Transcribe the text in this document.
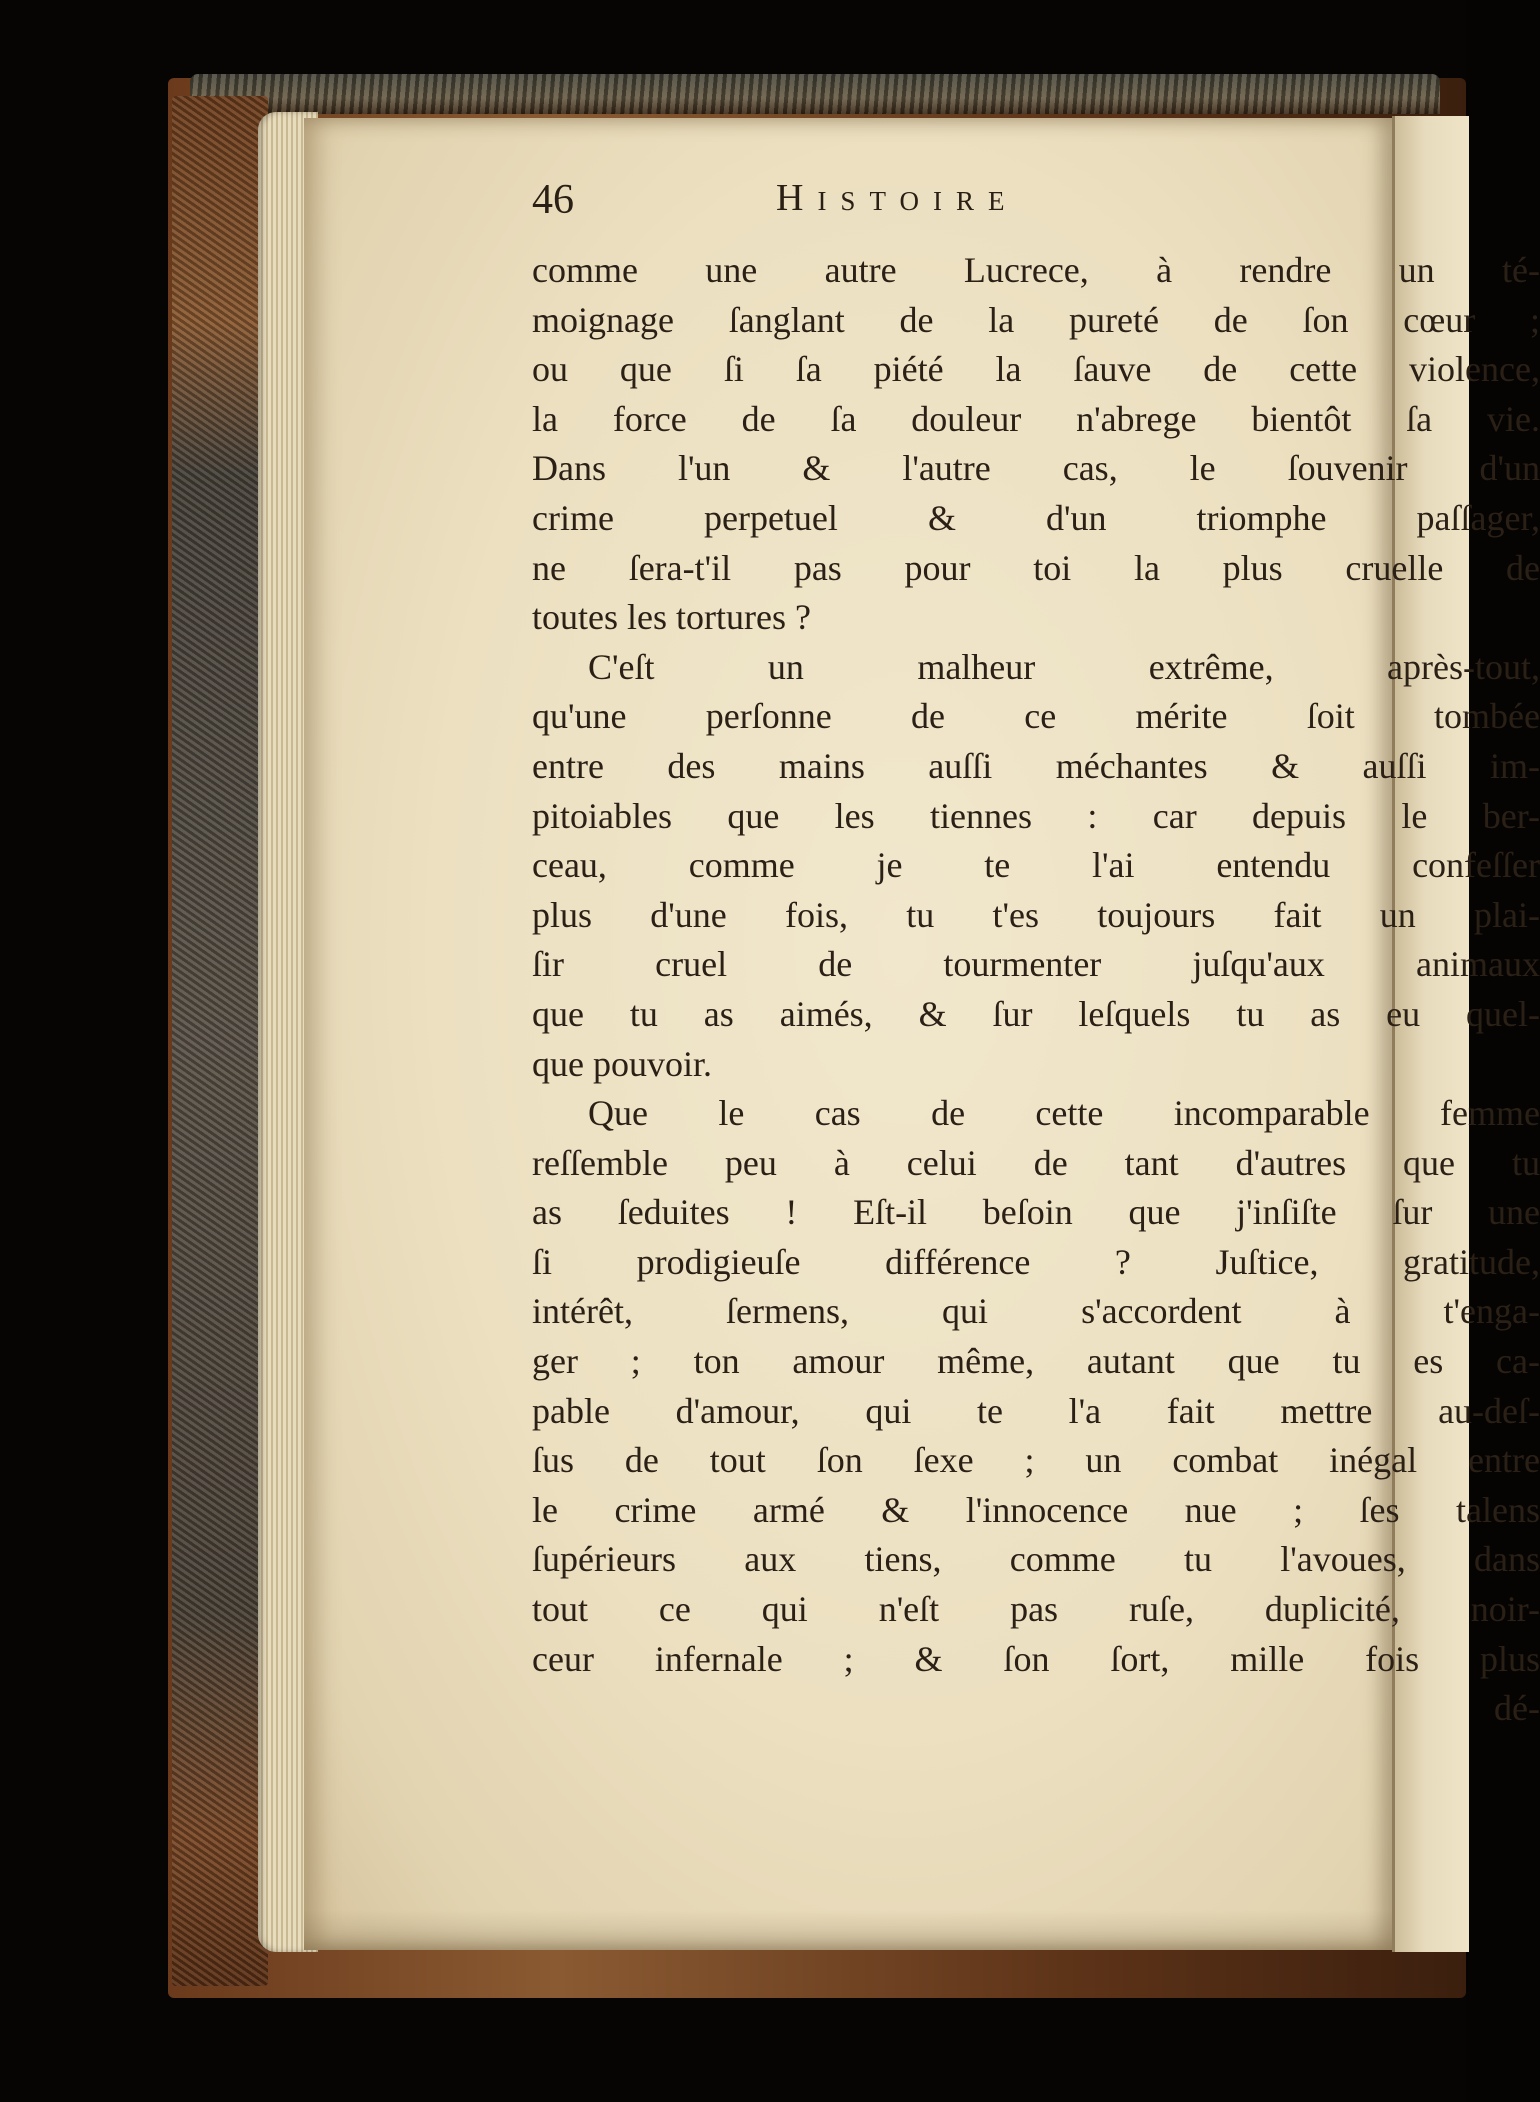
46	Histoire
comme une autre Lucrece, à rendre un té-
moignage ſanglant de la pureté de ſon cœur ;
ou que ſi ſa piété la ſauve de cette violence,
la force de ſa douleur n'abrege bientôt ſa vie.
Dans l'un & l'autre cas, le ſouvenir d'un
crime perpetuel & d'un triomphe paſſager,
ne ſera-t'il pas pour toi la plus cruelle de
toutes les tortures ?
C'eſt un malheur extrême, après-tout,
qu'une perſonne de ce mérite ſoit tombée
entre des mains auſſi méchantes & auſſi im-
pitoiables que les tiennes : car depuis le ber-
ceau, comme je te l'ai entendu confeſſer
plus d'une fois, tu t'es toujours fait un plai-
ſir cruel de tourmenter juſqu'aux animaux
que tu as aimés, & ſur leſquels tu as eu quel-
que pouvoir.
Que le cas de cette incomparable femme
reſſemble peu à celui de tant d'autres que tu
as ſeduites ! Eſt-il beſoin que j'inſiſte ſur une
ſi prodigieuſe différence ? Juſtice, gratitude,
intérêt, ſermens, qui s'accordent à t'enga-
ger ; ton amour même, autant que tu es ca-
pable d'amour, qui te l'a fait mettre au-deſ-
ſus de tout ſon ſexe ; un combat inégal entre
le crime armé & l'innocence nue ; ſes talens
ſupérieurs aux tiens, comme tu l'avoues, dans
tout ce qui n'eſt pas ruſe, duplicité, noir-
ceur infernale ; & ſon ſort, mille fois plus
dé-
